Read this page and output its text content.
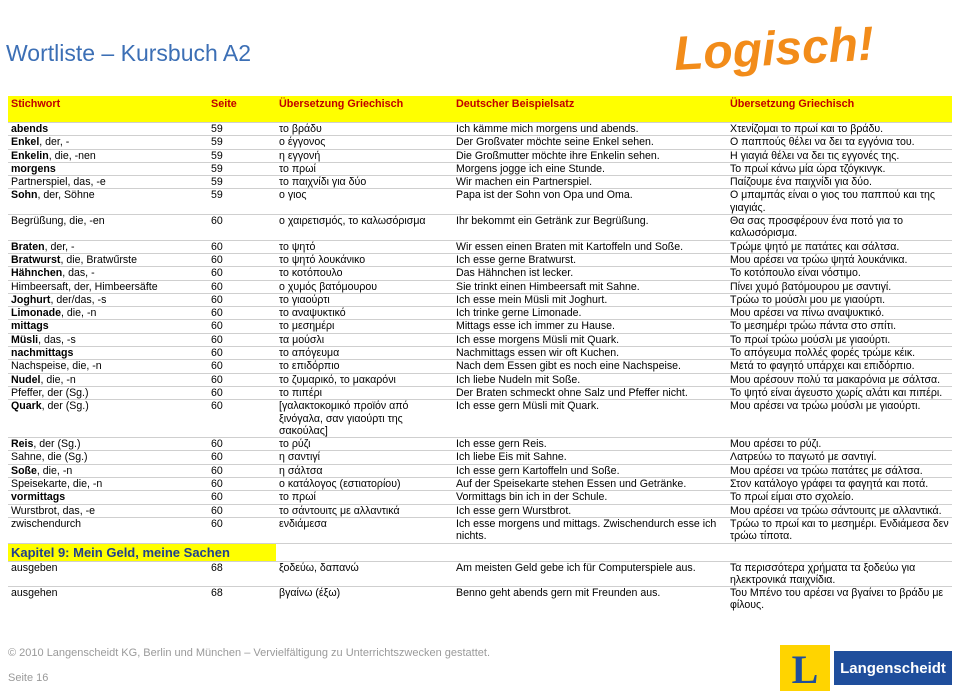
Wortliste – Kursbuch A2	Logisch!
Stichwort	Seite	Übersetzung Griechisch	Deutscher Beispielsatz	Übersetzung Griechisch
abends	59	το βράδυ	Ich kämme mich morgens und abends.	Χτενίζομαι το πρωί και το βράδυ.
Enkel, der, -	59	ο έγγονος	Der Großvater möchte seine Enkel sehen.	Ο παππούς θέλει να δει τα εγγόνια του.
Enkelin, die, -nen	59	η εγγονή	Die Großmutter möchte ihre Enkelin sehen.	Η γιαγιά θέλει να δει τις εγγονές της.
morgens	59	το πρωί	Morgens jogge ich eine Stunde.	Το πρωί κάνω μία ώρα τζόγκινγκ.
Partnerspiel, das, -e	59	το παιχνίδι για δύο	Wir machen ein Partnerspiel.	Παίζουμε ένα παιχνίδι για δύο.
Sohn, der, Söhne	59	ο γιος	Papa ist der Sohn von Opa und Oma.	Ο μπαμπάς είναι ο γιος του παππού και της γιαγιάς.
Begrüßung, die, -en	60	ο χαιρετισμός, το καλωσόρισμα	Ihr bekommt ein Getränk zur Begrüßung.	Θα σας προσφέρουν ένα ποτό για το καλωσόρισμα.
Braten, der, -	60	το ψητό	Wir essen einen Braten mit Kartoffeln und Soße.	Τρώμε ψητό με πατάτες και σάλτσα.
Bratwurst, die, Bratwűrste	60	το ψητό λουκάνικο	Ich esse gerne Bratwurst.	Μου αρέσει να τρώω ψητά λουκάνικα.
Hähnchen, das, -	60	το κοτόπουλο	Das Hähnchen ist lecker.	Το κοτόπουλο είναι νόστιμο.
Himbeersaft, der, Himbeersäfte	60	ο χυμός βατόμουρου	Sie trinkt einen Himbeersaft mit Sahne.	Πίνει χυμό βατόμουρου με σαντιγί.
Joghurt, der/das, -s	60	το γιαούρτι	Ich esse mein Müsli mit Joghurt.	Τρώω το μούσλι μου με γιαούρτι.
Limonade, die, -n	60	το αναψυκτικό	Ich trinke gerne Limonade.	Μου αρέσει να πίνω αναψυκτικό.
mittags	60	το μεσημέρι	Mittags esse ich immer zu Hause.	Το μεσημέρι τρώω πάντα στο σπίτι.
Müsli, das, -s	60	τα μούσλι	Ich esse morgens Müsli mit Quark.	Το πρωί τρώω μούσλι με γιαούρτι.
nachmittags	60	το απόγευμα	Nachmittags essen wir oft Kuchen.	Το απόγευμα πολλές φορές τρώμε κέικ.
Nachspeise, die, -n	60	το επιδόρπιο	Nach dem Essen gibt es noch eine Nachspeise.	Μετά το φαγητό υπάρχει και επιδόρπιο.
Nudel, die, -n	60	το ζυμαρικό, το μακαρόνι	Ich liebe Nudeln mit Soße.	Μου αρέσουν πολύ τα μακαρόνια με σάλτσα.
Pfeffer, der (Sg.)	60	το πιπέρι	Der Braten schmeckt ohne Salz und Pfeffer nicht.	Το ψητό είναι άγευστο χωρίς αλάτι και πιπέρι.
Quark, der (Sg.)	60	[γαλακτοκομικό προϊόν από ξινόγαλα, σαν γιαούρτι της σακούλας]	Ich esse gern Müsli mit Quark.	Μου αρέσει να τρώω μούσλι με γιαούρτι.
Reis, der (Sg.)	60	το ρύζι	Ich esse gern Reis.	Μου αρέσει το ρύζι.
Sahne, die (Sg.)	60	η σαντιγί	Ich liebe Eis mit Sahne.	Λατρεύω το παγωτό με σαντιγί.
Soße, die, -n	60	η σάλτσα	Ich esse gern Kartoffeln und Soße.	Μου αρέσει να τρώω πατάτες με σάλτσα.
Speisekarte, die, -n	60	ο κατάλογος (εστιατορίου)	Auf der Speisekarte stehen Essen und Getränke.	Στον κατάλογο γράφει τα φαγητά και ποτά.
vormittags	60	το πρωί	Vormittags bin ich in der Schule.	Το πρωί είμαι στο σχολείο.
Wurstbrot, das, -e	60	το σάντουιτς με αλλαντικά	Ich esse gern Wurstbrot.	Μου αρέσει να τρώω σάντουιτς με αλλαντικά.
zwischendurch	60	ενδιάμεσα	Ich esse morgens und mittags. Zwischendurch esse ich nichts.	Τρώω το πρωί και το μεσημέρι. Ενδιάμεσα δεν τρώω τίποτα.
Kapitel 9: Mein Geld, meine Sachen				
ausgeben	68	ξοδεύω, δαπανώ	Am meisten Geld gebe ich für Computerspiele aus.	Τα περισσότερα χρήματα τα ξοδεύω για ηλεκτρονικά παιχνίδια.
ausgehen	68	βγαίνω (έξω)	Benno geht abends gern mit Freunden aus.	Του Μπένο του αρέσει να βγαίνει το βράδυ με φίλους.
© 2010 Langenscheidt KG, Berlin und München – Vervielfältigung zu Unterrichtszwecken gestattet.
Seite 16	L Langenscheidt
